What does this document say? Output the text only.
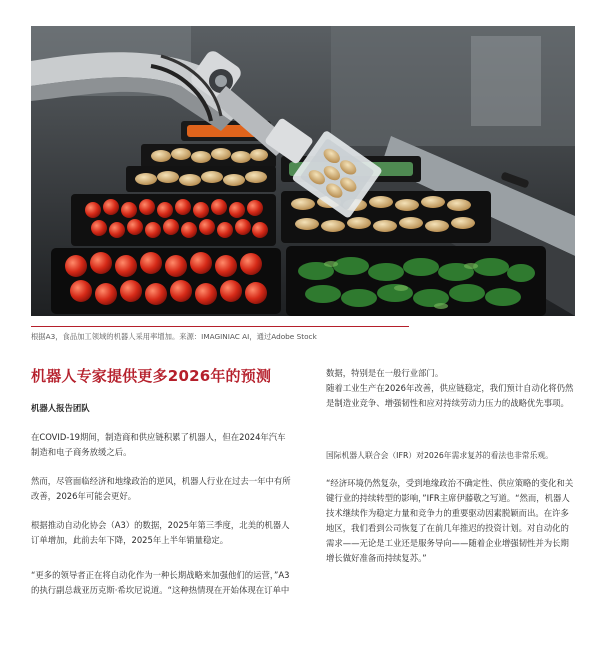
根据A3，食品加工领域的机器人采用率增加。来源：IMAGINIAC AI，通过Adobe Stock
机器人专家提供更多2026年的预测
机器人报告团队

在COVID-19期间，制造商和供应链积累了机器人，但在2024年汽车制造和电子商务放缓之后。

然而，尽管面临经济和地缘政治的逆风，机器人行业在过去一年中有所改善，2026年可能会更好。

根据推动自动化协会（A3）的数据，2025年第三季度，北美的机器人订单增加，此前去年下降，2025年上半年销量稳定。

“更多的领导者正在将自动化作为一种长期战略来加强他们的运营，”A3的执行副总裁亚历克斯·希坎尼说道。“这种热情现在开始体现在订单中

数据，特别是在一般行业部门。

随着工业生产在2026年改善，供应链稳定，我们预计自动化将仍然是制造业竞争、增强韧性和应对持续劳动力压力的战略优先事项。

国际机器人联合会（IFR）对2026年需求复苏的看法也非常乐观。

“经济环境仍然复杂，受到地缘政治不确定性、供应策略的变化和关键行业的持续转型的影响，”IFR主席伊藤敬之写道。“然而，机器人技术继续作为稳定力量和竞争力的重要驱动因素脱颖而出。在许多地区，我们看到公司恢复了在前几年推迟的投资计划。对自动化的需求——无论是工业还是服务导向——随着企业增强韧性并为长期增长做好准备而持续复苏。”
